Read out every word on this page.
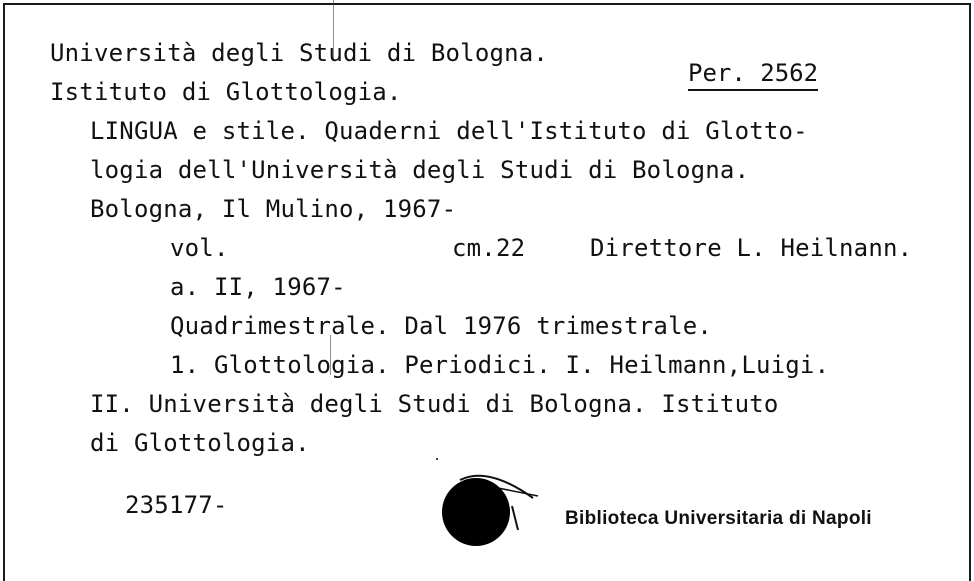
Università degli Studi di Bologna.
Istituto di Glottologia.
Per. 2562
LINGUA e stile. Quaderni dell'Istituto di Glotto-
logia dell'Università degli Studi di Bologna.
Bologna, Il Mulino, 1967-
vol.	cm.22	Direttore L. Heilnann.
a. II, 1967-
Quadrimestrale. Dal 1976 trimestrale.
1. Glottologia. Periodici. I. Heilmann,Luigi.
II. Università degli Studi di Bologna. Istituto
di Glottologia.
235177-	Biblioteca Universitaria di Napoli
